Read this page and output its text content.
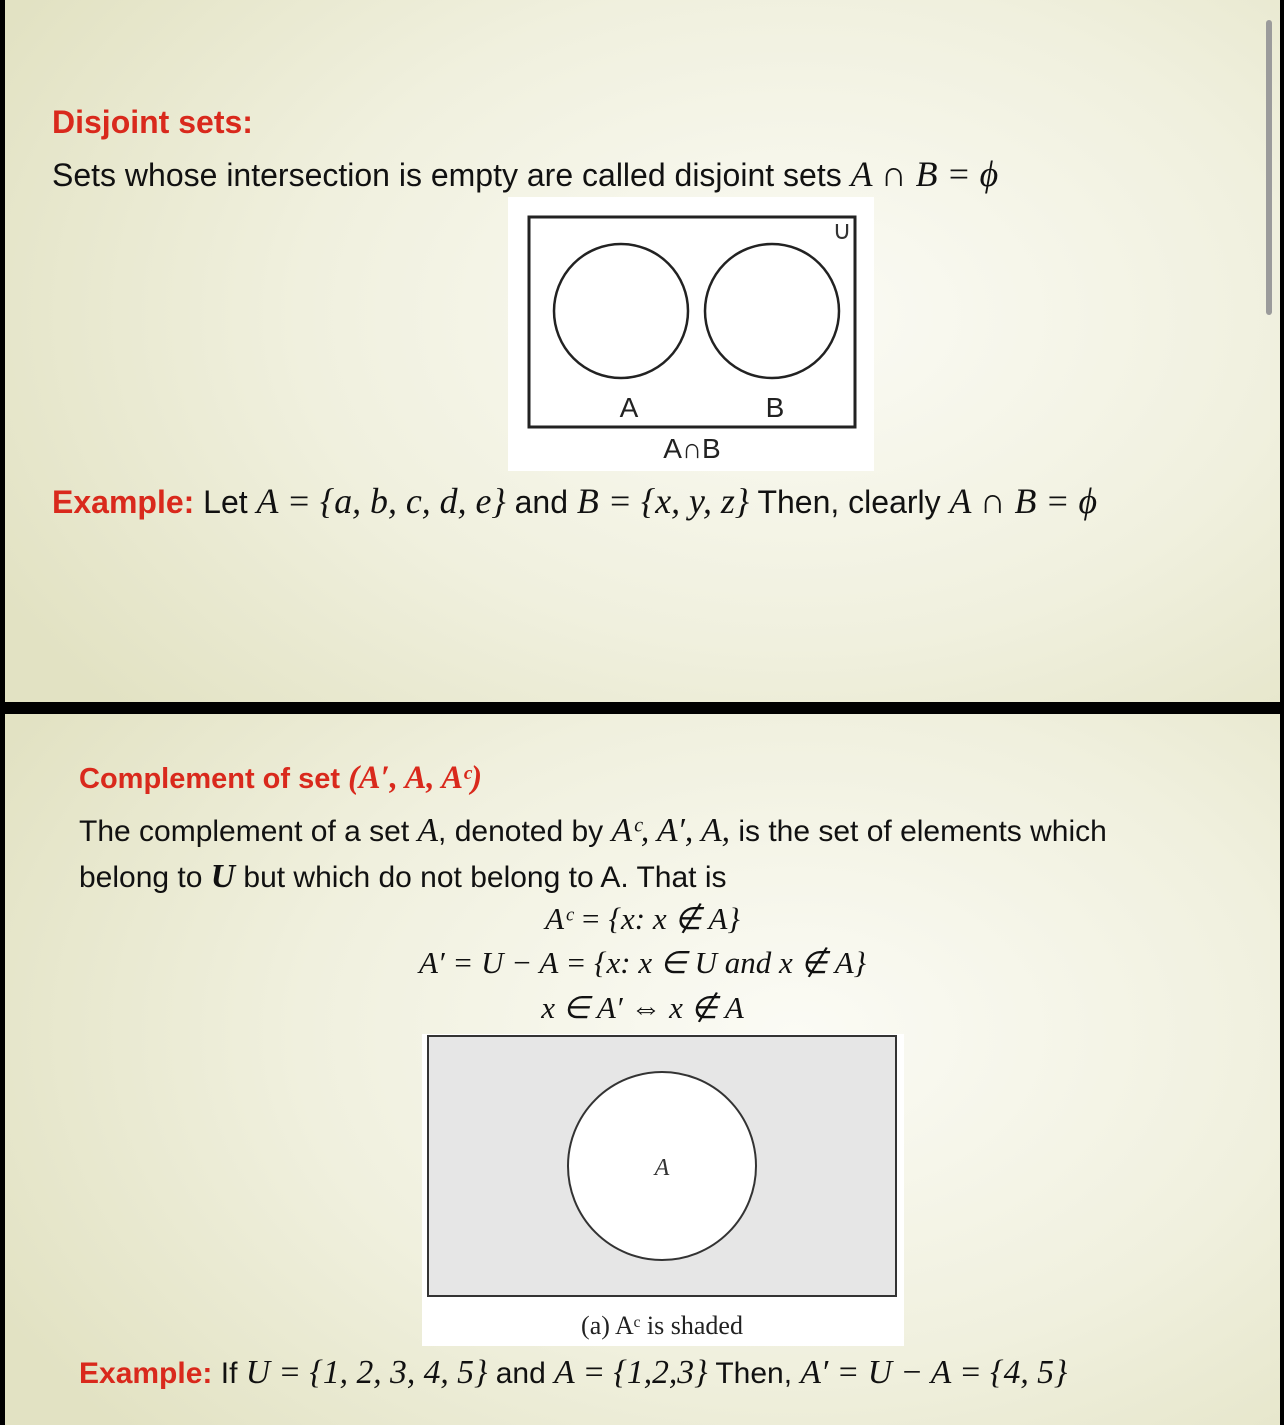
Disjoint sets:
Sets whose intersection is empty are called disjoint sets A ∩ B = ϕ
∪
A	B
A∩B
Example: Let A = {a, b, c, d, e} and B = {x, y, z} Then, clearly A ∩ B = ϕ
Complement of set (A′, A, Aᶜ)
The complement of a set A, denoted by Aᶜ, A′, A, is the set of elements which
belong to U but which do not belong to A. That is
Aᶜ = {x: x ∉ A}
A′ = U − A = {x: x ∈ U and x ∉ A}
x ∈ A′ ⇔ x ∉ A
A
(a) Aᶜ is shaded
Example: If U = {1, 2, 3, 4, 5} and A = {1,2,3} Then, A′ = U − A = {4, 5}
